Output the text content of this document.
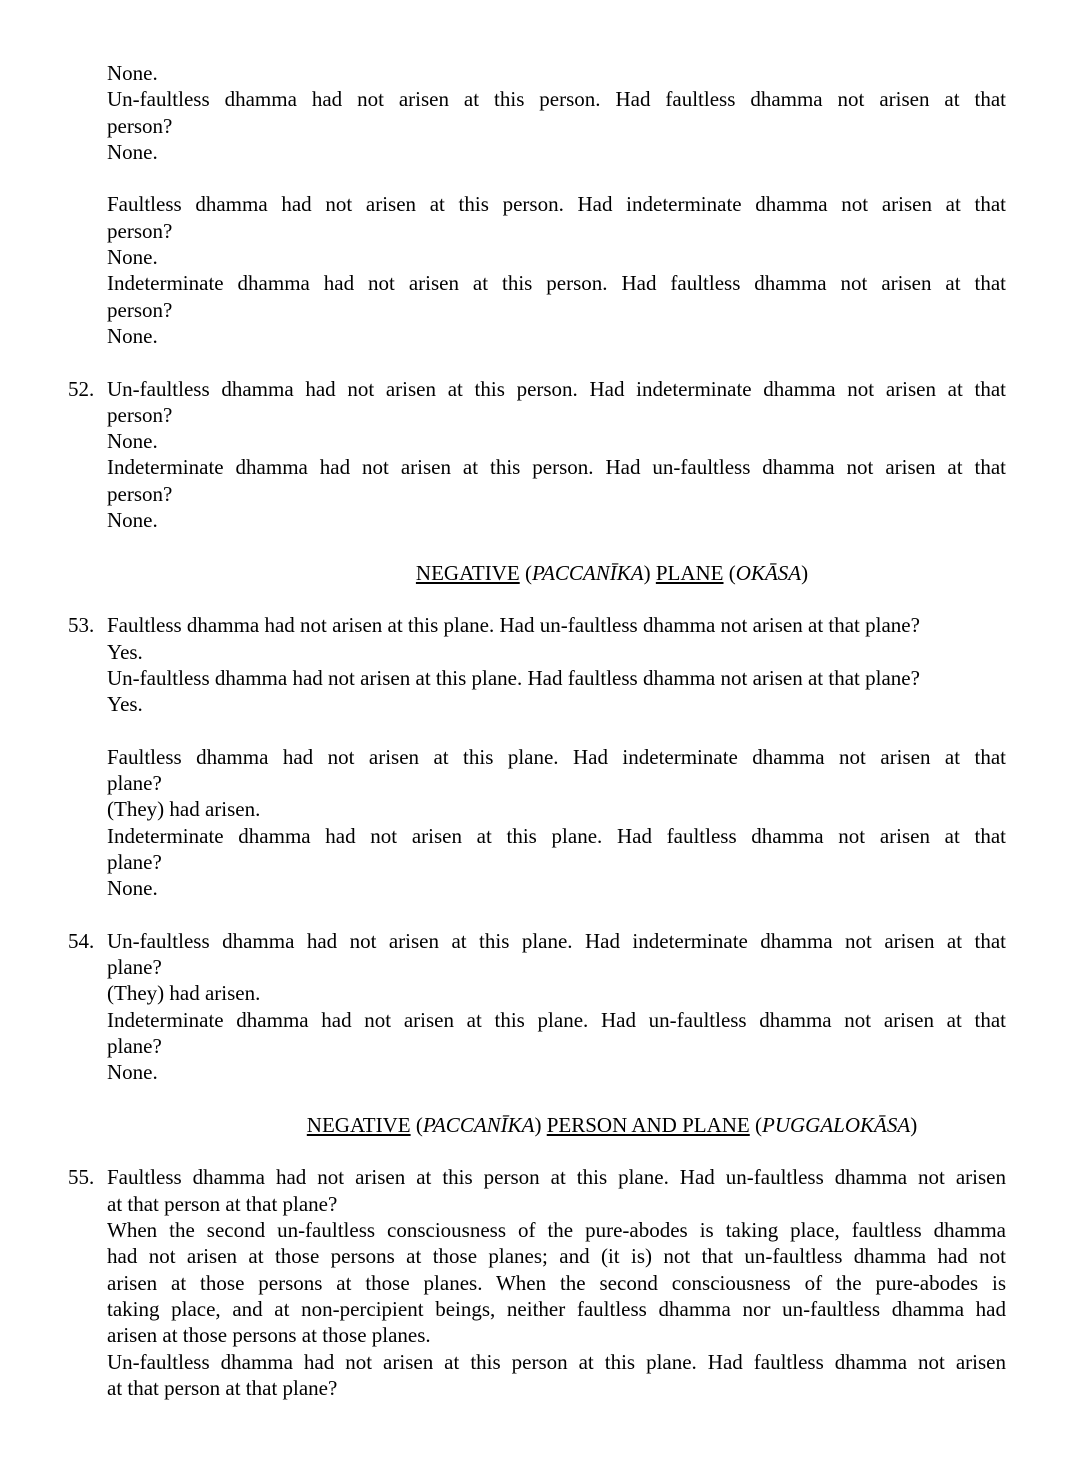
None.
Un-faultless dhamma had not arisen at this person. Had faultless dhamma not arisen at that
person?
None.
Faultless dhamma had not arisen at this person. Had indeterminate dhamma not arisen at that
person?
None.
Indeterminate dhamma had not arisen at this person. Had faultless dhamma not arisen at that
person?
None.
52. Un-faultless dhamma had not arisen at this person. Had indeterminate dhamma not arisen at that
person?
None.
Indeterminate dhamma had not arisen at this person. Had un-faultless dhamma not arisen at that
person?
None.
NEGATIVE (PACCANĪKA) PLANE (OKĀSA)
53. Faultless dhamma had not arisen at this plane. Had un-faultless dhamma not arisen at that plane?
Yes.
Un-faultless dhamma had not arisen at this plane. Had faultless dhamma not arisen at that plane?
Yes.
Faultless dhamma had not arisen at this plane. Had indeterminate dhamma not arisen at that
plane?
(They) had arisen.
Indeterminate dhamma had not arisen at this plane. Had faultless dhamma not arisen at that
plane?
None.
54. Un-faultless dhamma had not arisen at this plane. Had indeterminate dhamma not arisen at that
plane?
(They) had arisen.
Indeterminate dhamma had not arisen at this plane. Had un-faultless dhamma not arisen at that
plane?
None.
NEGATIVE (PACCANĪKA) PERSON AND PLANE (PUGGALOKĀSA)
55. Faultless dhamma had not arisen at this person at this plane. Had un-faultless dhamma not arisen
at that person at that plane?
When the second un-faultless consciousness of the pure-abodes is taking place, faultless dhamma
had not arisen at those persons at those planes; and (it is) not that un-faultless dhamma had not
arisen at those persons at those planes. When the second consciousness of the pure-abodes is
taking place, and at non-percipient beings, neither faultless dhamma nor un-faultless dhamma had
arisen at those persons at those planes.
Un-faultless dhamma had not arisen at this person at this plane. Had faultless dhamma not arisen
at that person at that plane?
